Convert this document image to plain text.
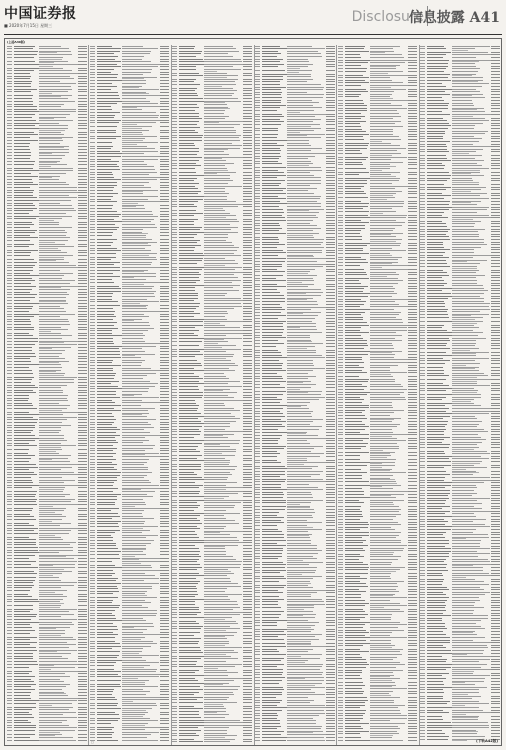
中国证券报
■ 2020年7月15日 星期三
Disclosure
信息披露 A41
(上接A40版)
□	(下转A42版)
